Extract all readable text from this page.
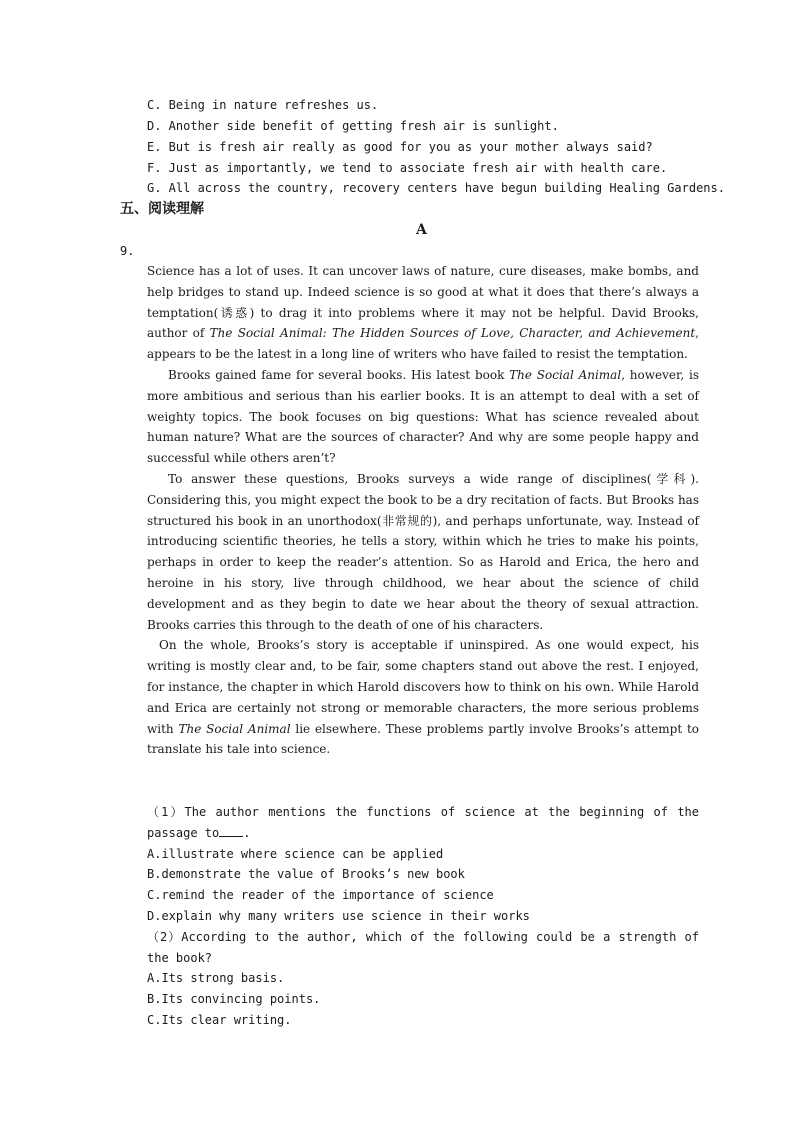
C. Being in nature refreshes us.
D. Another side benefit of getting fresh air is sunlight.
E. But is fresh air really as good for you as your mother always said?
F. Just as importantly, we tend to associate fresh air with health care.
G. All across the country, recovery centers have begun building Healing Gardens.
五、阅读理解
A
9.

Science has a lot of uses. It can uncover laws of nature, cure diseases, make bombs, and help bridges to stand up. Indeed science is so good at what it does that there’s always a temptation(诱惑) to drag it into problems where it may not be helpful. David Brooks, author of The Social Animal: The Hidden Sources of Love, Character, and Achievement, appears to be the latest in a long line of writers who have failed to resist the temptation.

Brooks gained fame for several books. His latest book The Social Animal, however, is more ambitious and serious than his earlier books. It is an attempt to deal with a set of weighty topics. The book focuses on big questions: What has science revealed about human nature? What are the sources of character? And why are some people happy and successful while others aren’t?

To answer these questions, Brooks surveys a wide range of disciplines(学科). Considering this, you might expect the book to be a dry recitation of facts. But Brooks has structured his book in an unorthodox(非常规的), and perhaps unfortunate, way. Instead of introducing scientific theories, he tells a story, within which he tries to make his points, perhaps in order to keep the reader’s attention. So as Harold and Erica, the hero and heroine in his story, live through childhood, we hear about the science of child development and as they begin to date we hear about the theory of sexual attraction. Brooks carries this through to the death of one of his characters.

On the whole, Brooks’s story is acceptable if uninspired. As one would expect, his writing is mostly clear and, to be fair, some chapters stand out above the rest. I enjoyed, for instance, the chapter in which Harold discovers how to think on his own. While Harold and Erica are certainly not strong or memorable characters, the more serious problems with The Social Animal lie elsewhere. These problems partly involve Brooks’s attempt to translate his tale into science.

（1）The author mentions the functions of science at the beginning of the passage to .
A.illustrate where science can be applied
B.demonstrate the value of Brooks’s new book
C.remind the reader of the importance of science
D.explain why many writers use science in their works
（2）According to the author, which of the following could be a strength of the book?
A.Its strong basis.
B.Its convincing points.
C.Its clear writing.
